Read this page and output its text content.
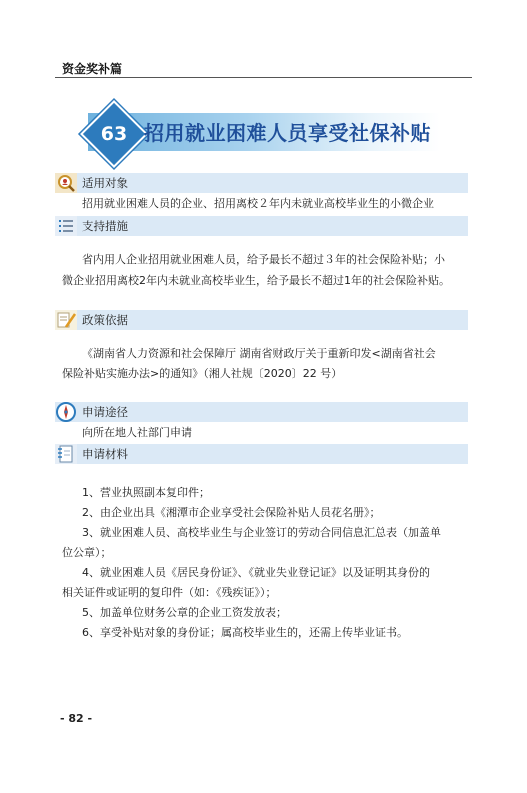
资金奖补篇
63 招用就业困难人员享受社保补贴
适用对象
招用就业困难人员的企业、招用离校２年内未就业高校毕业生的小微企业
支持措施
省内用人企业招用就业困难人员，给予最长不超过３年的社会保险补贴；小
微企业招用离校2年内未就业高校毕业生，给予最长不超过1年的社会保险补贴。
政策依据
《湖南省人力资源和社会保障厅 湖南省财政厅关于重新印发<湖南省社会
保险补贴实施办法>的通知》（湘人社规〔2020〕22 号）
申请途径
向所在地人社部门申请
申请材料
1、营业执照副本复印件；
2、由企业出具《湘潭市企业享受社会保险补贴人员花名册》；
3、就业困难人员、高校毕业生与企业签订的劳动合同信息汇总表（加盖单
位公章）；
4、就业困难人员《居民身份证》、《就业失业登记证》以及证明其身份的
相关证件或证明的复印件（如：《残疾证》）；
5、加盖单位财务公章的企业工资发放表；
6、享受补贴对象的身份证；属高校毕业生的，还需上传毕业证书。
- 82 -
